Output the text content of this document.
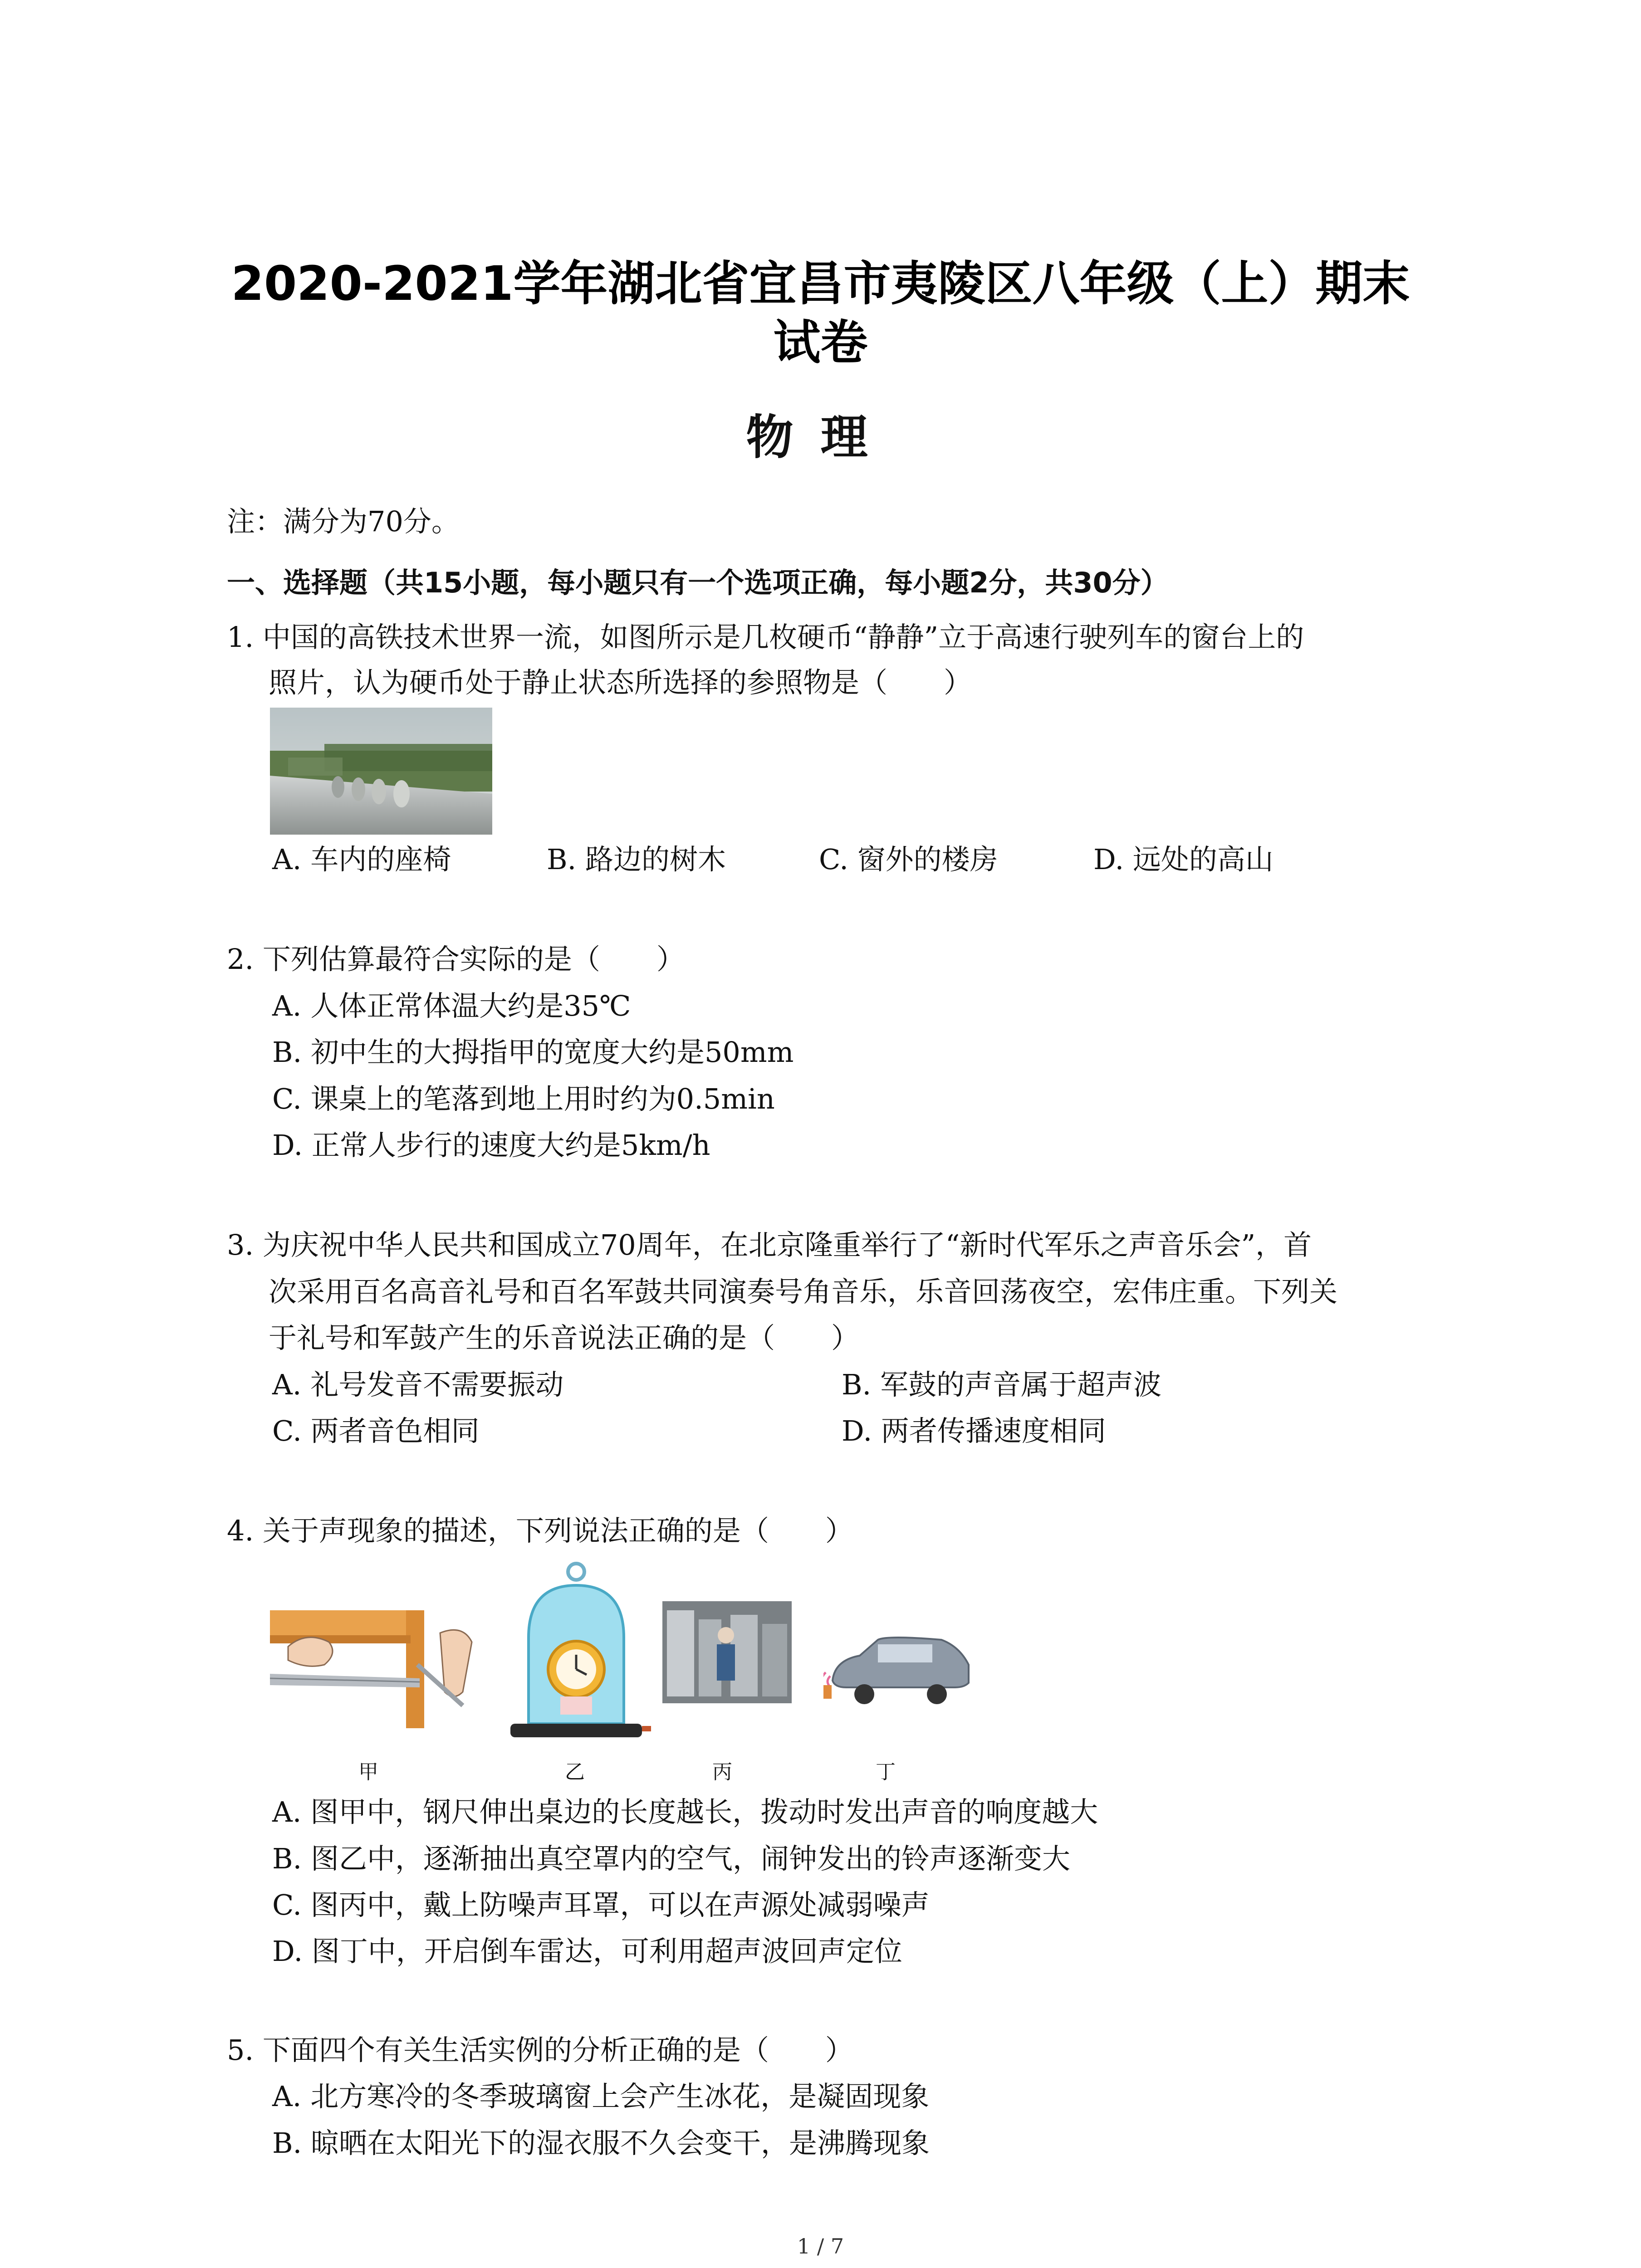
2020-2021学年湖北省宜昌市夷陵区八年级（上）期末
试卷
物理
注：满分为70分。
一、选择题（共15小题，每小题只有一个选项正确，每小题2分，共30分）
1. 中国的高铁技术世界一流，如图所示是几枚硬币“静静”立于高速行驶列车的窗台上的
照片，认为硬币处于静止状态所选择的参照物是（　　）
A. 车内的座椅	B. 路边的树木	C. 窗外的楼房	D. 远处的高山
2. 下列估算最符合实际的是（　　）
A. 人体正常体温大约是35℃
B. 初中生的大拇指甲的宽度大约是50mm
C. 课桌上的笔落到地上用时约为0.5min
D. 正常人步行的速度大约是5km/h
3. 为庆祝中华人民共和国成立70周年，在北京隆重举行了“新时代军乐之声音乐会”，首
次采用百名高音礼号和百名军鼓共同演奏号角音乐，乐音回荡夜空，宏伟庄重。下列关
于礼号和军鼓产生的乐音说法正确的是（　　）
A. 礼号发音不需要振动	B. 军鼓的声音属于超声波
C. 两者音色相同	D. 两者传播速度相同
4. 关于声现象的描述，下列说法正确的是（　　）
甲	乙	丙	丁
A. 图甲中，钢尺伸出桌边的长度越长，拨动时发出声音的响度越大
B. 图乙中，逐渐抽出真空罩内的空气，闹钟发出的铃声逐渐变大
C. 图丙中，戴上防噪声耳罩，可以在声源处减弱噪声
D. 图丁中，开启倒车雷达，可利用超声波回声定位
5. 下面四个有关生活实例的分析正确的是（　　）
A. 北方寒冷的冬季玻璃窗上会产生冰花，是凝固现象
B. 晾晒在太阳光下的湿衣服不久会变干，是沸腾现象
1 / 7
